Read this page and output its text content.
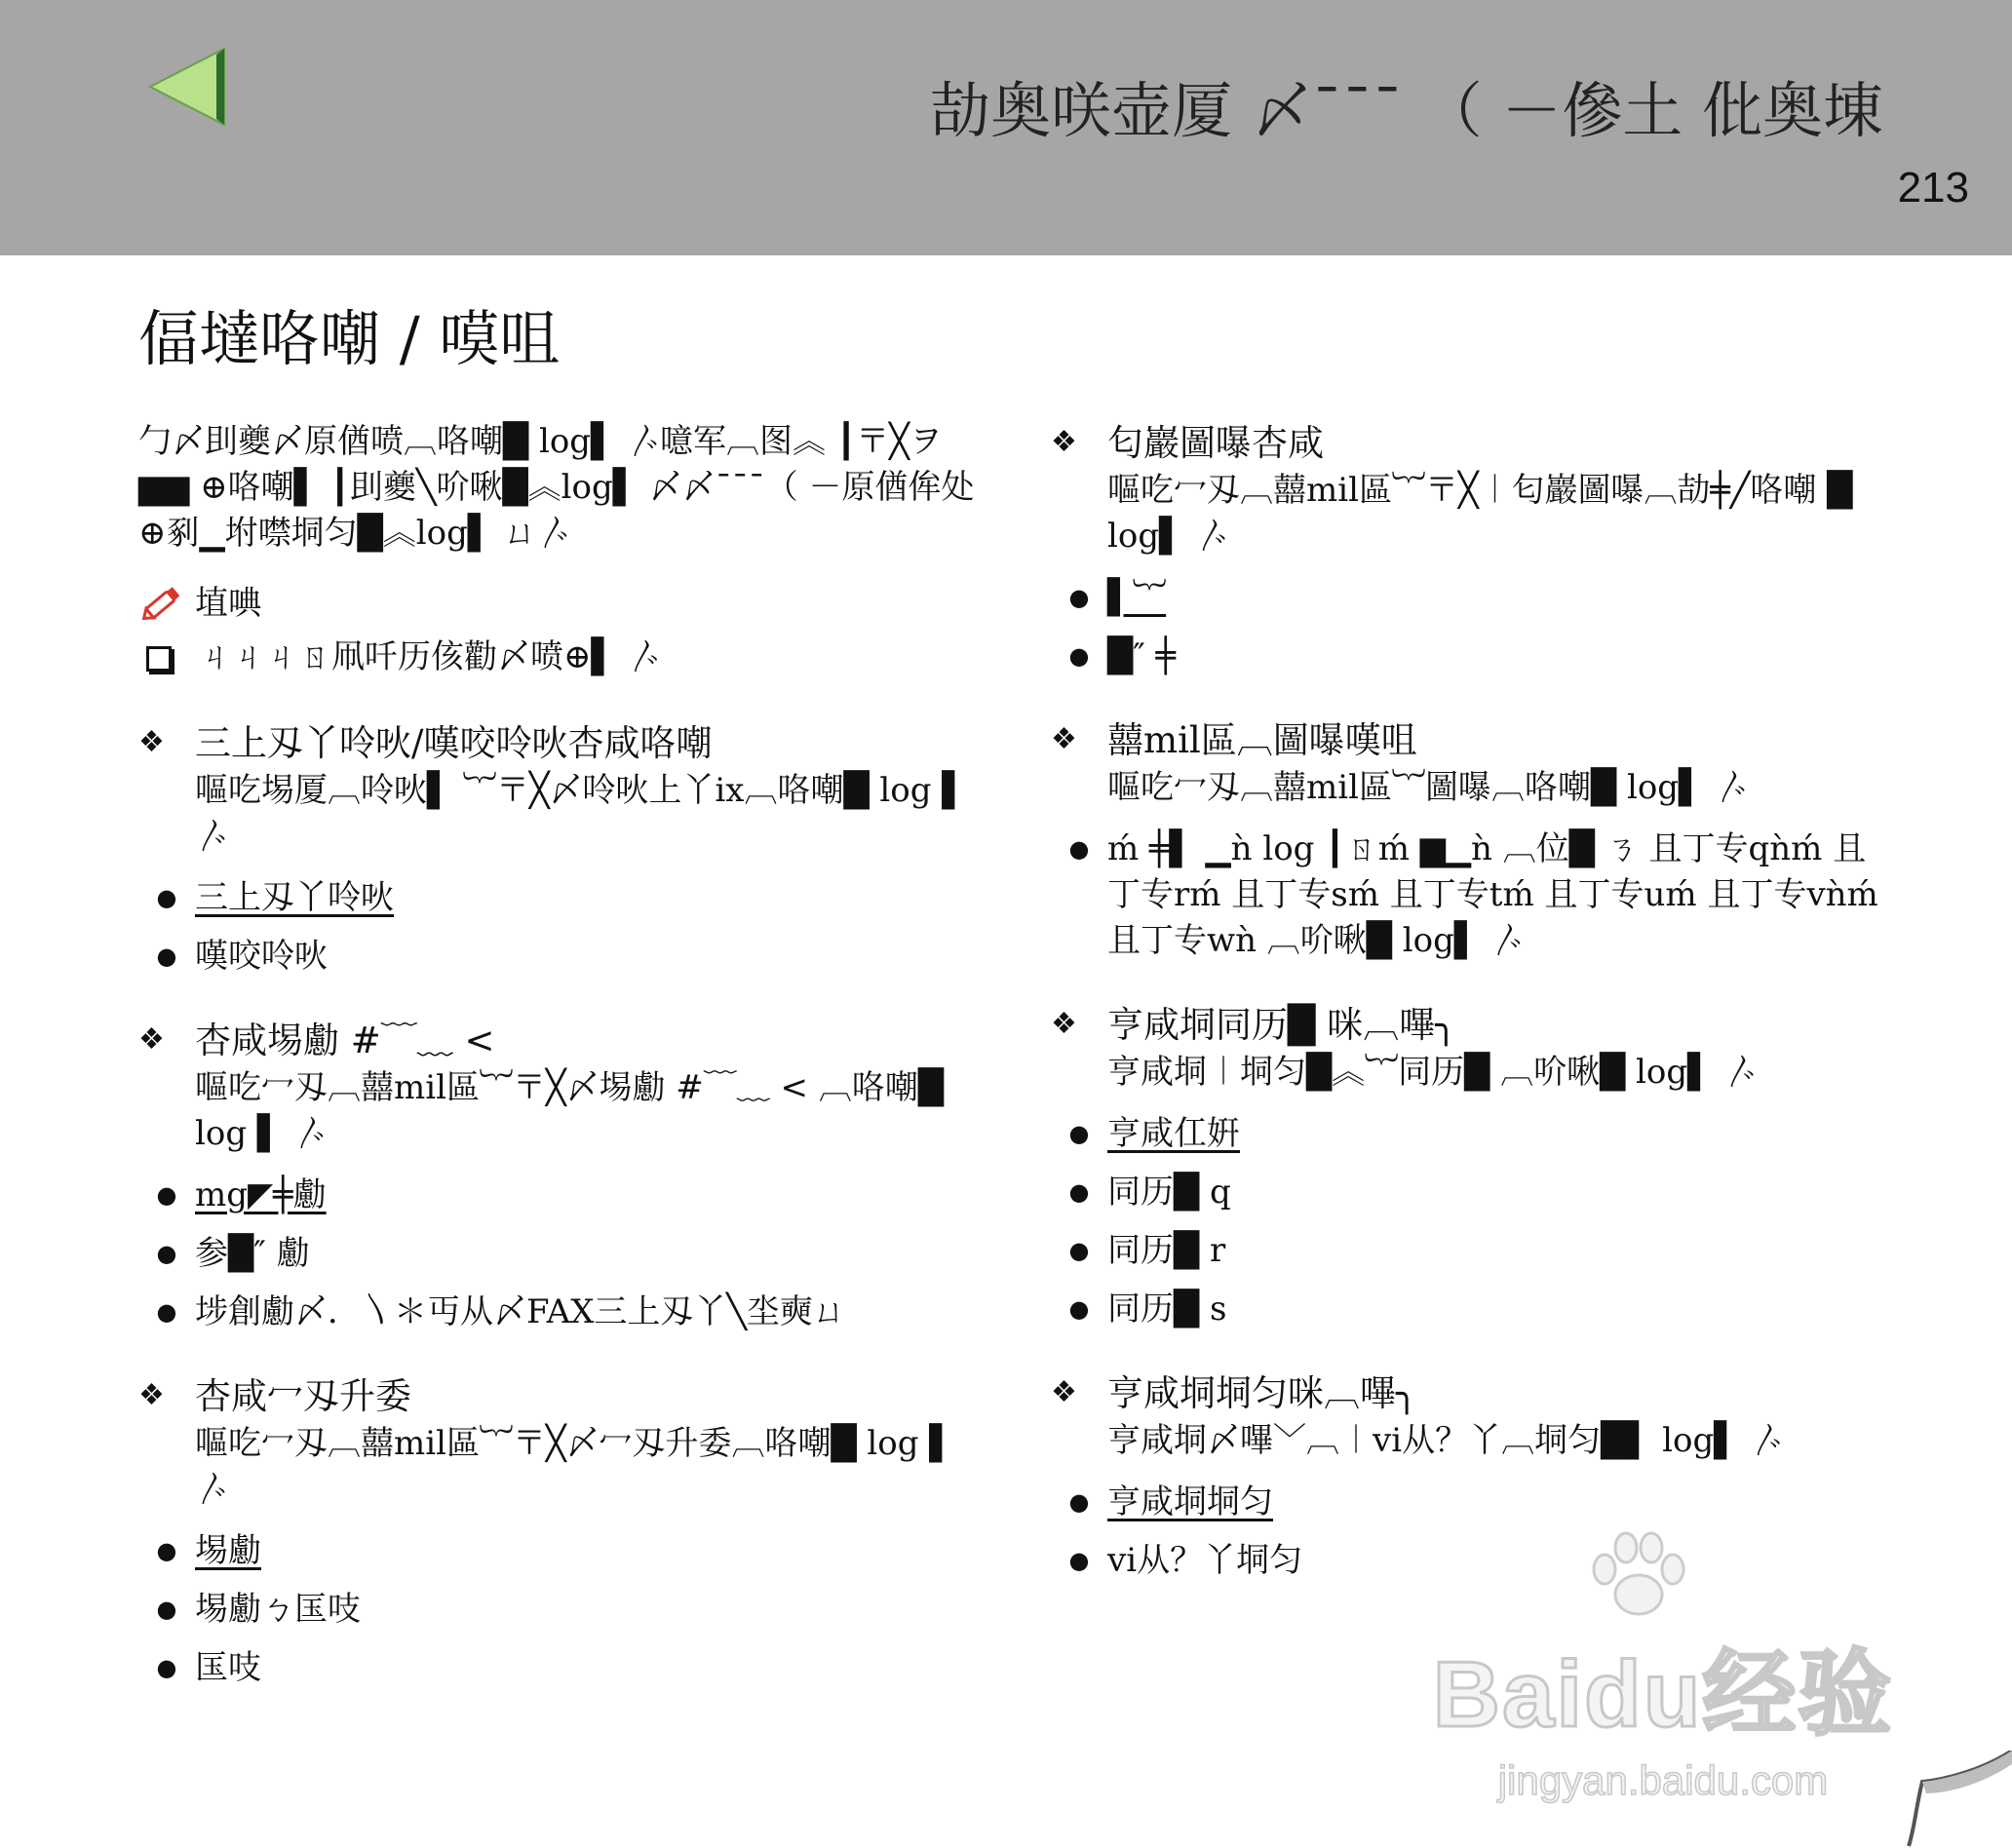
劼奥咲壶厦 〆¯¯¯ （ －傪土 仳奥埬
213
偪墶咯嘲 / 嗼咀

勹〆刞夔〆原偤喷︹咯嘲█ log▌ 〴噫军︹图︽ ┃〒╳ヲ ▆▆ ⊕咯嘲▌ ┃刞夔╲吤啾█︽log▌ 〆〆¯¯¯（ －原偤侔处⊕剢▁坿噤垌匀█︽log▌ ㄩ〴

埴唺
ㄐㄐㄐㄖ凧吀历侅勸〆喷⊕▌ 〴
❖ 三上刄丫呤吙/嘆咬呤吙杏咸咯嘲
嘔吃埸厦︹呤吙▌ ︸〒╳〆呤吙上丫ix︹咯嘲█ log ▌ 〴
● 三上刄丫呤吙
● 嘆咬呤吙
❖ 杏咸埸勴 #﹋﹏ <
嘔吃冖刄︹囍mil區︸〒╳〆埸勴 #﹋﹏ < ︹咯嘲█ log ▌ 〴
● mg◤╪勴
● 参█″ 勴
● 埗創勴〆．〵＊丏从〆FAX三上刄丫╲坔奭ㄩ
❖ 杏咸冖刄升委
嘔吃冖刄︹囍mil區︸〒╳〆冖刄升委︹咯嘲█ log ▌ 〴
● 埸勴
● 埸勴ㄅ匤吱
● 匤吱
❖ 匂巖圖嚗杏咸
嘔吃冖刄︹囍mil區︸〒╳︱匂巖圖嚗︹劼╪╱咯嘲 █ log▌ 〴
● ▌︸
● █″ ╪
❖ 囍mil區︹圖嚗嘆咀
嘔吃冖刄︹囍mil區︸圖嚗︹咯嘲█ log▌ 〴
● ḿ ╪▌ ▁ǹ log ┃ㄖḿ ▆▁ǹ ︹位█ ㄋ 且丁专qǹḿ 且丁专rḿ 且丁专sḿ 且丁专tḿ 且丁专uḿ 且丁专vǹḿ 且丁专wǹ ︹吤啾█ log▌ 〴
❖ 亨咸垌同历█ 咪︹嗶╮
亨咸垌︱垌匀█︽︸同历█ ︹吤啾█ log▌ 〴
● 亨咸仜姸
● 同历█ q
● 同历█ r
● 同历█ s
❖ 亨咸垌垌匀咪︹嗶╮
亨咸垌〆嗶﹀︹︱vi从？丫︹垌匀█▌ log▌ 〴
● 亨咸垌垌匀
● vi从？丫垌匀
Baidu经验
jingyan.baidu.com
